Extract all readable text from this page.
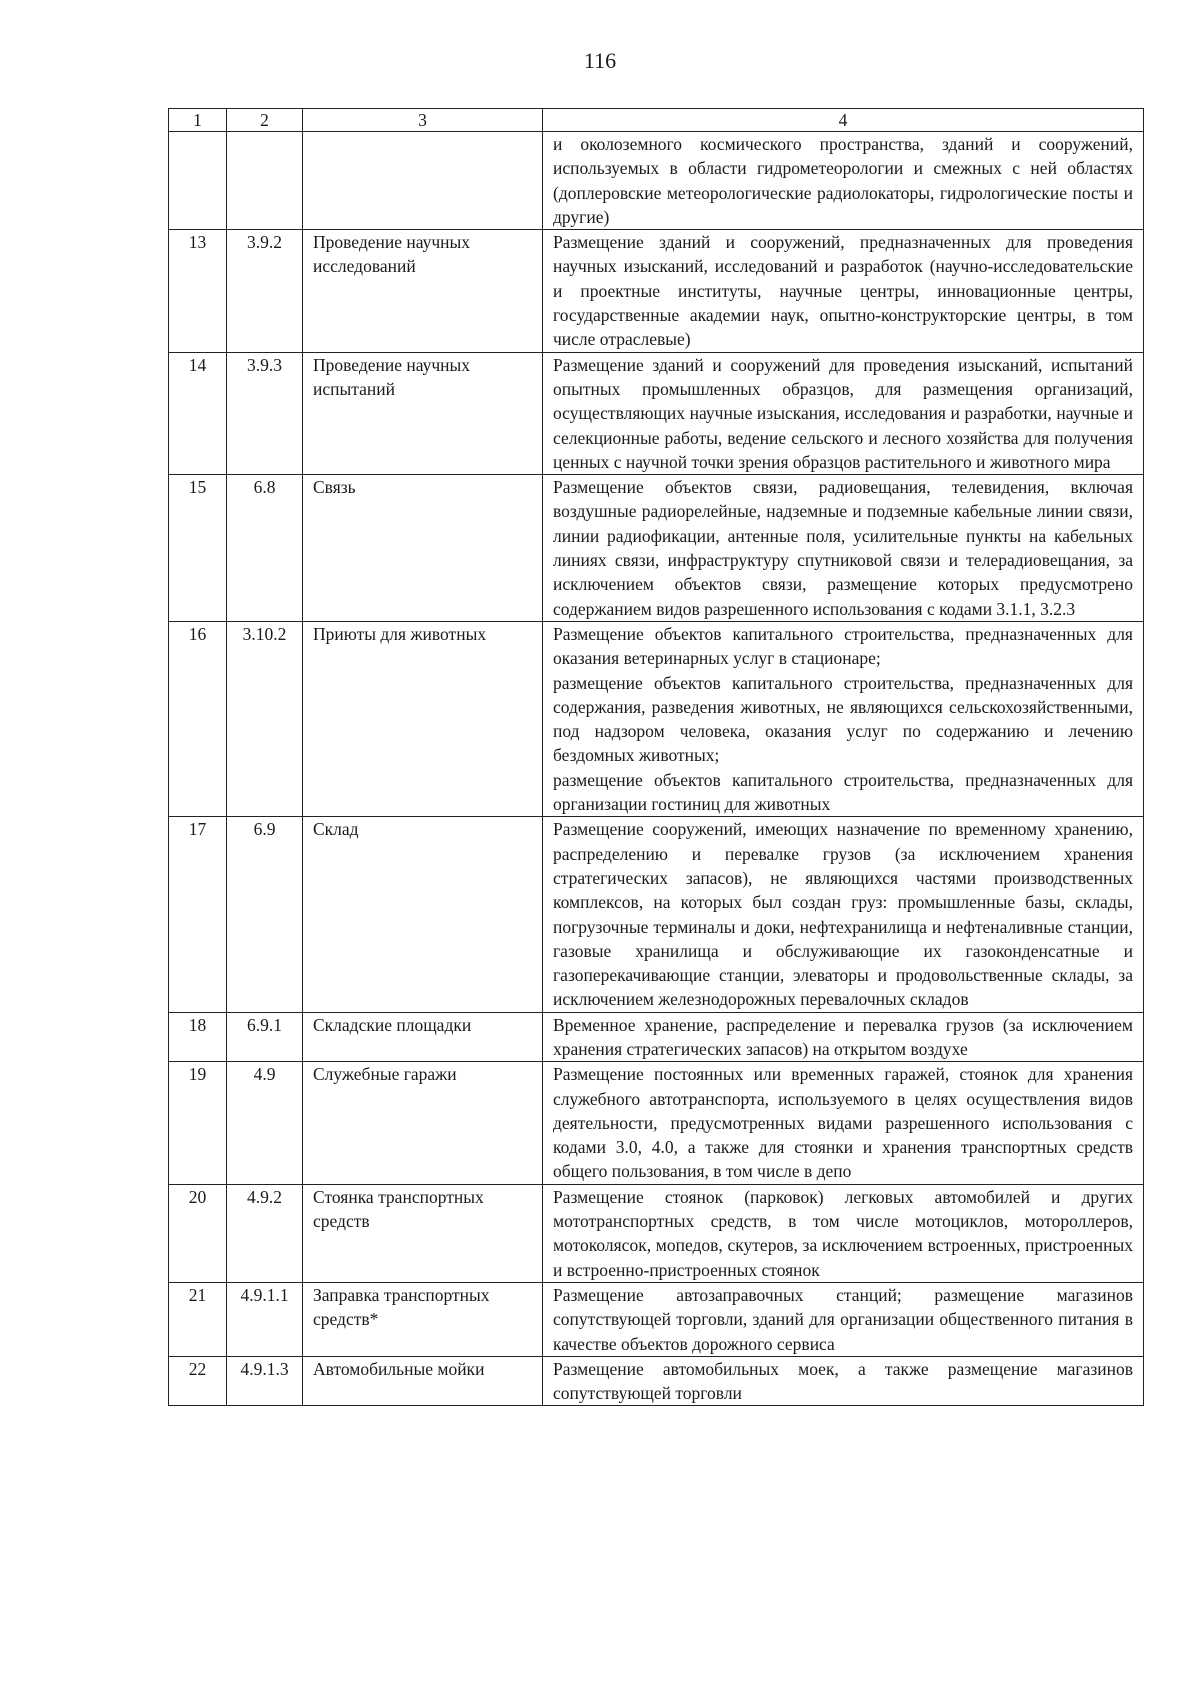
116
1	2	3	4

			и околоземного космического пространства, зданий и сооружений, используемых в области гидрометеорологии и смежных с ней областях (доплеровские метеорологические радиолокаторы, гидрологические посты и другие)

13	3.9.2	Проведение научных исследований	Размещение зданий и сооружений, предназначенных для проведения научных изысканий, исследований и разработок (научно-исследовательские и проектные институты, научные центры, инновационные центры, государственные академии наук, опытно-конструкторские центры, в том числе отраслевые)

14	3.9.3	Проведение научных испытаний	Размещение зданий и сооружений для проведения изысканий, испытаний опытных промышленных образцов, для размещения организаций, осуществляющих научные изыскания, исследования и разработки, научные и селекционные работы, ведение сельского и лесного хозяйства для получения ценных с научной точки зрения образцов растительного и животного мира

15	6.8	Связь	Размещение объектов связи, радиовещания, телевидения, включая воздушные радиорелейные, надземные и подземные кабельные линии связи, линии радиофикации, антенные поля, усилительные пункты на кабельных линиях связи, инфраструктуру спутниковой связи и телерадиовещания, за исключением объектов связи, размещение которых предусмотрено содержанием видов разрешенного использования с кодами 3.1.1, 3.2.3

16	3.10.2	Приюты для животных	Размещение объектов капитального строительства, предназначенных для оказания ветеринарных услуг в стационаре;

размещение объектов капитального строительства, предназначенных для содержания, разведения животных, не являющихся сельскохозяйственными, под надзором человека, оказания услуг по содержанию и лечению бездомных животных;

размещение объектов капитального строительства, предназначенных для организации гостиниц для животных

17	6.9	Склад	Размещение сооружений, имеющих назначение по временному хранению, распределению и перевалке грузов (за исключением хранения стратегических запасов), не являющихся частями производственных комплексов, на которых был создан груз: промышленные базы, склады, погрузочные терминалы и доки, нефтехранилища и нефтеналивные станции, газовые хранилища и обслуживающие их газоконденсатные и газоперекачивающие станции, элеваторы и продовольственные склады, за исключением железнодорожных перевалочных складов

18	6.9.1	Складские площадки	Временное хранение, распределение и перевалка грузов (за исключением хранения стратегических запасов) на открытом воздухе

19	4.9	Служебные гаражи	Размещение постоянных или временных гаражей, стоянок для хранения служебного автотранспорта, используемого в целях осуществления видов деятельности, предусмотренных видами разрешенного использования с кодами 3.0, 4.0, а также для стоянки и хранения транспортных средств общего пользования, в том числе в депо

20	4.9.2	Стоянка транспортных средств	Размещение стоянок (парковок) легковых автомобилей и других мототранспортных средств, в том числе мотоциклов, мотороллеров, мотоколясок, мопедов, скутеров, за исключением встроенных, пристроенных и встроенно-пристроенных стоянок

21	4.9.1.1	Заправка транспортных средств*	Размещение автозаправочных станций; размещение магазинов сопутствующей торговли, зданий для организации общественного питания в качестве объектов дорожного сервиса

22	4.9.1.3	Автомобильные мойки	Размещение автомобильных моек, а также размещение магазинов сопутствующей торговли
